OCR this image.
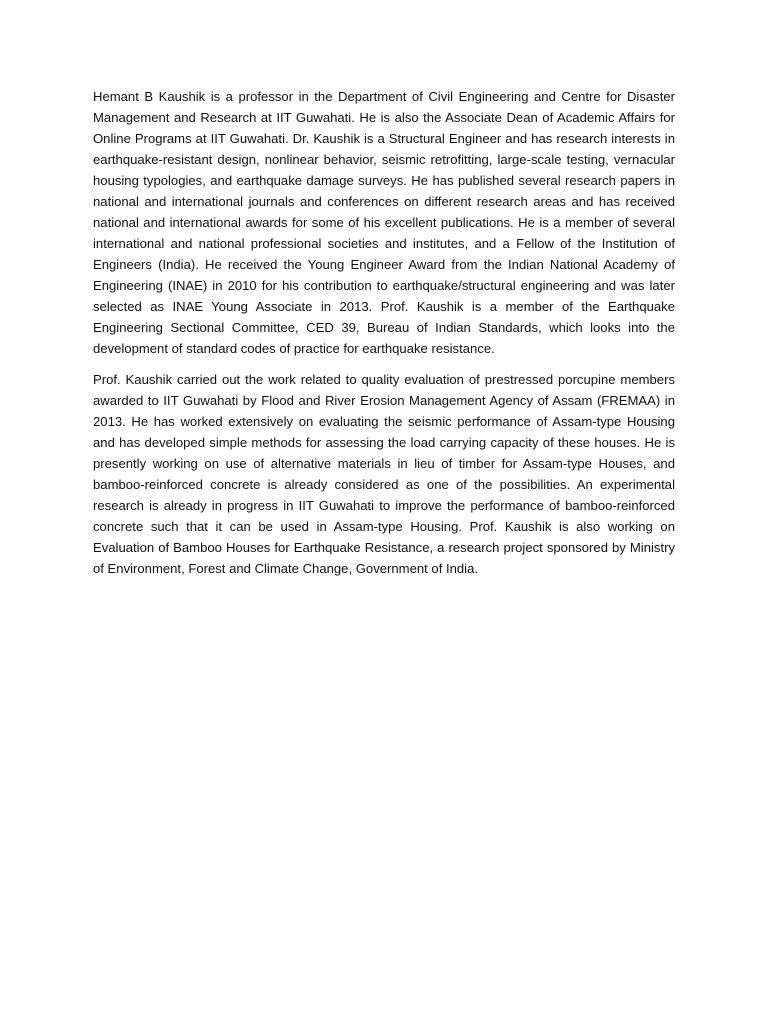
Hemant B Kaushik is a professor in the Department of Civil Engineering and Centre for Disaster Management and Research at IIT Guwahati. He is also the Associate Dean of Academic Affairs for Online Programs at IIT Guwahati. Dr. Kaushik is a Structural Engineer and has research interests in earthquake-resistant design, nonlinear behavior, seismic retrofitting, large-scale testing, vernacular housing typologies, and earthquake damage surveys. He has published several research papers in national and international journals and conferences on different research areas and has received national and international awards for some of his excellent publications. He is a member of several international and national professional societies and institutes, and a Fellow of the Institution of Engineers (India). He received the Young Engineer Award from the Indian National Academy of Engineering (INAE) in 2010 for his contribution to earthquake/structural engineering and was later selected as INAE Young Associate in 2013. Prof. Kaushik is a member of the Earthquake Engineering Sectional Committee, CED 39, Bureau of Indian Standards, which looks into the development of standard codes of practice for earthquake resistance.

Prof. Kaushik carried out the work related to quality evaluation of prestressed porcupine members awarded to IIT Guwahati by Flood and River Erosion Management Agency of Assam (FREMAA) in 2013. He has worked extensively on evaluating the seismic performance of Assam-type Housing and has developed simple methods for assessing the load carrying capacity of these houses. He is presently working on use of alternative materials in lieu of timber for Assam-type Houses, and bamboo-reinforced concrete is already considered as one of the possibilities. An experimental research is already in progress in IIT Guwahati to improve the performance of bamboo-reinforced concrete such that it can be used in Assam-type Housing. Prof. Kaushik is also working on Evaluation of Bamboo Houses for Earthquake Resistance, a research project sponsored by Ministry of Environment, Forest and Climate Change, Government of India.
